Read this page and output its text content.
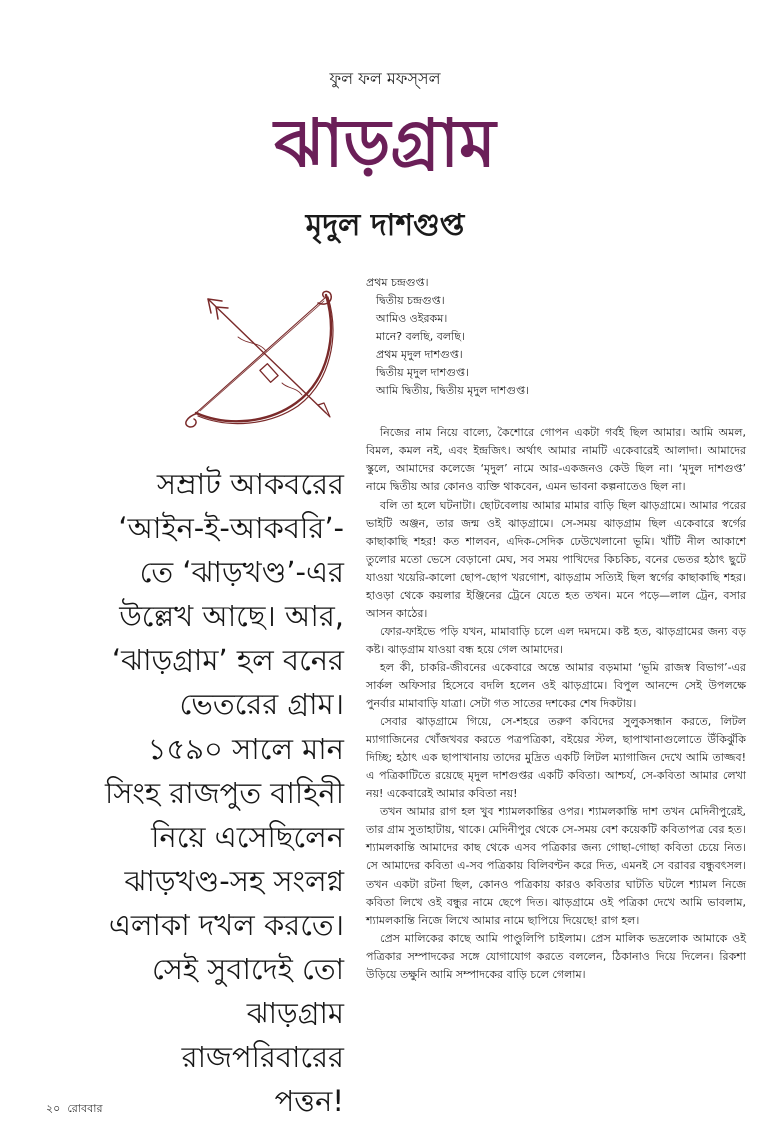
ফুল ফল মফস্‌সল
ঝাড়গ্রাম
মৃদুল দাশগুপ্ত
সম্রাট আকবরের
‘আইন-ই-আকবরি’-
তে ‘ঝাড়খণ্ড’-এর
উল্লেখ আছে। আর,
‘ঝাড়গ্রাম’ হল বনের
ভেতরের গ্রাম।
১৫৯০ সালে মান
সিংহ রাজপুত বাহিনী
নিয়ে এসেছিলেন
ঝাড়খণ্ড-সহ সংলগ্ন
এলাকা দখল করতে।
সেই সুবাদেই তো
ঝাড়গ্রাম
রাজপরিবারের
পত্তন!
প্রথম চন্দ্রগুপ্ত।
দ্বিতীয় চন্দ্রগুপ্ত।
আমিও ওইরকম।
মানে? বলছি, বলছি।
প্রথম মৃদুল দাশগুপ্ত।
দ্বিতীয় মৃদুল দাশগুপ্ত।
আমি দ্বিতীয়, দ্বিতীয় মৃদুল দাশগুপ্ত।

নিজের নাম নিয়ে বাল্যে, কৈশোরে গোপন একটা গর্বই ছিল আমার। আমি অমল, বিমল, কমল নই, এবং ইন্দ্রজিৎ। অর্থাৎ আমার নামটি একেবারেই আলাদা। আমাদের স্কুলে, আমাদের কলেজে ‘মৃদুল’ নামে আর-একজনও কেউ ছিল না। ‘মৃদুল দাশগুপ্ত’ নামে দ্বিতীয় আর কোনও ব্যক্তি থাকবেন, এমন ভাবনা কল্পনাতেও ছিল না।

বলি তা হলে ঘটনাটা। ছোটবেলায় আমার মামার বাড়ি ছিল ঝাড়গ্রামে। আমার পরের ভাইটি অঞ্জন, তার জন্ম ওই ঝাড়গ্রামে। সে-সময় ঝাড়গ্রাম ছিল একেবারে স্বর্গের কাছাকাছি শহর! কত শালবন, এদিক-সেদিক ঢেউখেলানো ভূমি। খাঁটি নীল আকাশে তুলোর মতো ভেসে বেড়ানো মেঘ, সব সময় পাখিদের কিচকিচ, বনের ভেতর হঠাৎ ছুটে যাওয়া খয়েরি-কালো ছোপ-ছোপ খরগোশ, ঝাড়গ্রাম সত্যিই ছিল স্বর্গের কাছাকাছি শহর। হাওড়া থেকে কয়লার ইঞ্জিনের ট্রেনে যেতে হত তখন। মনে পড়ে—লাল ট্রেন, বসার আসন কাঠের।

ফোর-ফাইভে পড়ি যখন, মামাবাড়ি চলে এল দমদমে। কষ্ট হত, ঝাড়গ্রামের জন্য বড় কষ্ট। ঝাড়গ্রাম যাওয়া বন্ধ হয়ে গেল আমাদের।

হল কী, চাকরি-জীবনের একেবারে অন্তে আমার বড়মামা ‘ভূমি রাজস্ব বিভাগ’-এর সার্কল অফিসার হিসেবে বদলি হলেন ওই ঝাড়গ্রামে। বিপুল আনন্দে সেই উপলক্ষে পুনর্বার মামাবাড়ি যাত্রা। সেটা গত সাতের দশকের শেষ দিকটায়।

সেবার ঝাড়গ্রামে গিয়ে, সে-শহরে তরুণ কবিদের সুলুকসন্ধান করতে, লিটল ম্যাগাজিনের খোঁজখবর করতে পত্রপত্রিকা, বইয়ের স্টল, ছাপাখানাগুলোতে উঁকিঝুঁকি দিচ্ছি; হঠাৎ এক ছাপাখানায় তাদের মুদ্রিত একটি লিটল ম্যাগাজিন দেখে আমি তাজ্জব! এ পত্রিকাটিতে রয়েছে মৃদুল দাশগুপ্তর একটি কবিতা। আশ্চর্য, সে-কবিতা আমার লেখা নয়! একেবারেই আমার কবিতা নয়!

তখন আমার রাগ হল খুব শ্যামলকান্তির ওপর। শ্যামলকান্তি দাশ তখন মেদিনীপুরেই, তার গ্রাম সুতাহাটায়, থাকে। মেদিনীপুর থেকে সে-সময় বেশ কয়েকটি কবিতাপত্র বের হত। শ্যামলকান্তি আমাদের কাছ থেকে এসব পত্রিকার জন্য গোছা-গোছা কবিতা চেয়ে নিত। সে আমাদের কবিতা এ-সব পত্রিকায় বিলিবণ্টন করে দিত, এমনই সে বরাবর বন্ধুবৎসল। তখন একটা রটনা ছিল, কোনও পত্রিকায় কারও কবিতার ঘাটতি ঘটলে শ্যামল নিজে কবিতা লিখে ওই বন্ধুর নামে ছেপে দিত। ঝাড়গ্রামে ওই পত্রিকা দেখে আমি ভাবলাম, শ্যামলকান্তি নিজে লিখে আমার নামে ছাপিয়ে দিয়েছে! রাগ হল।

প্রেস মালিকের কাছে আমি পাণ্ডুলিপি চাইলাম। প্রেস মালিক ভদ্রলোক আমাকে ওই পত্রিকার সম্পাদকের সঙ্গে যোগাযোগ করতে বললেন, ঠিকানাও দিয়ে দিলেন। রিকশা উড়িয়ে তক্ষুনি আমি সম্পাদকের বাড়ি চলে গেলাম।

২০ রোববার
